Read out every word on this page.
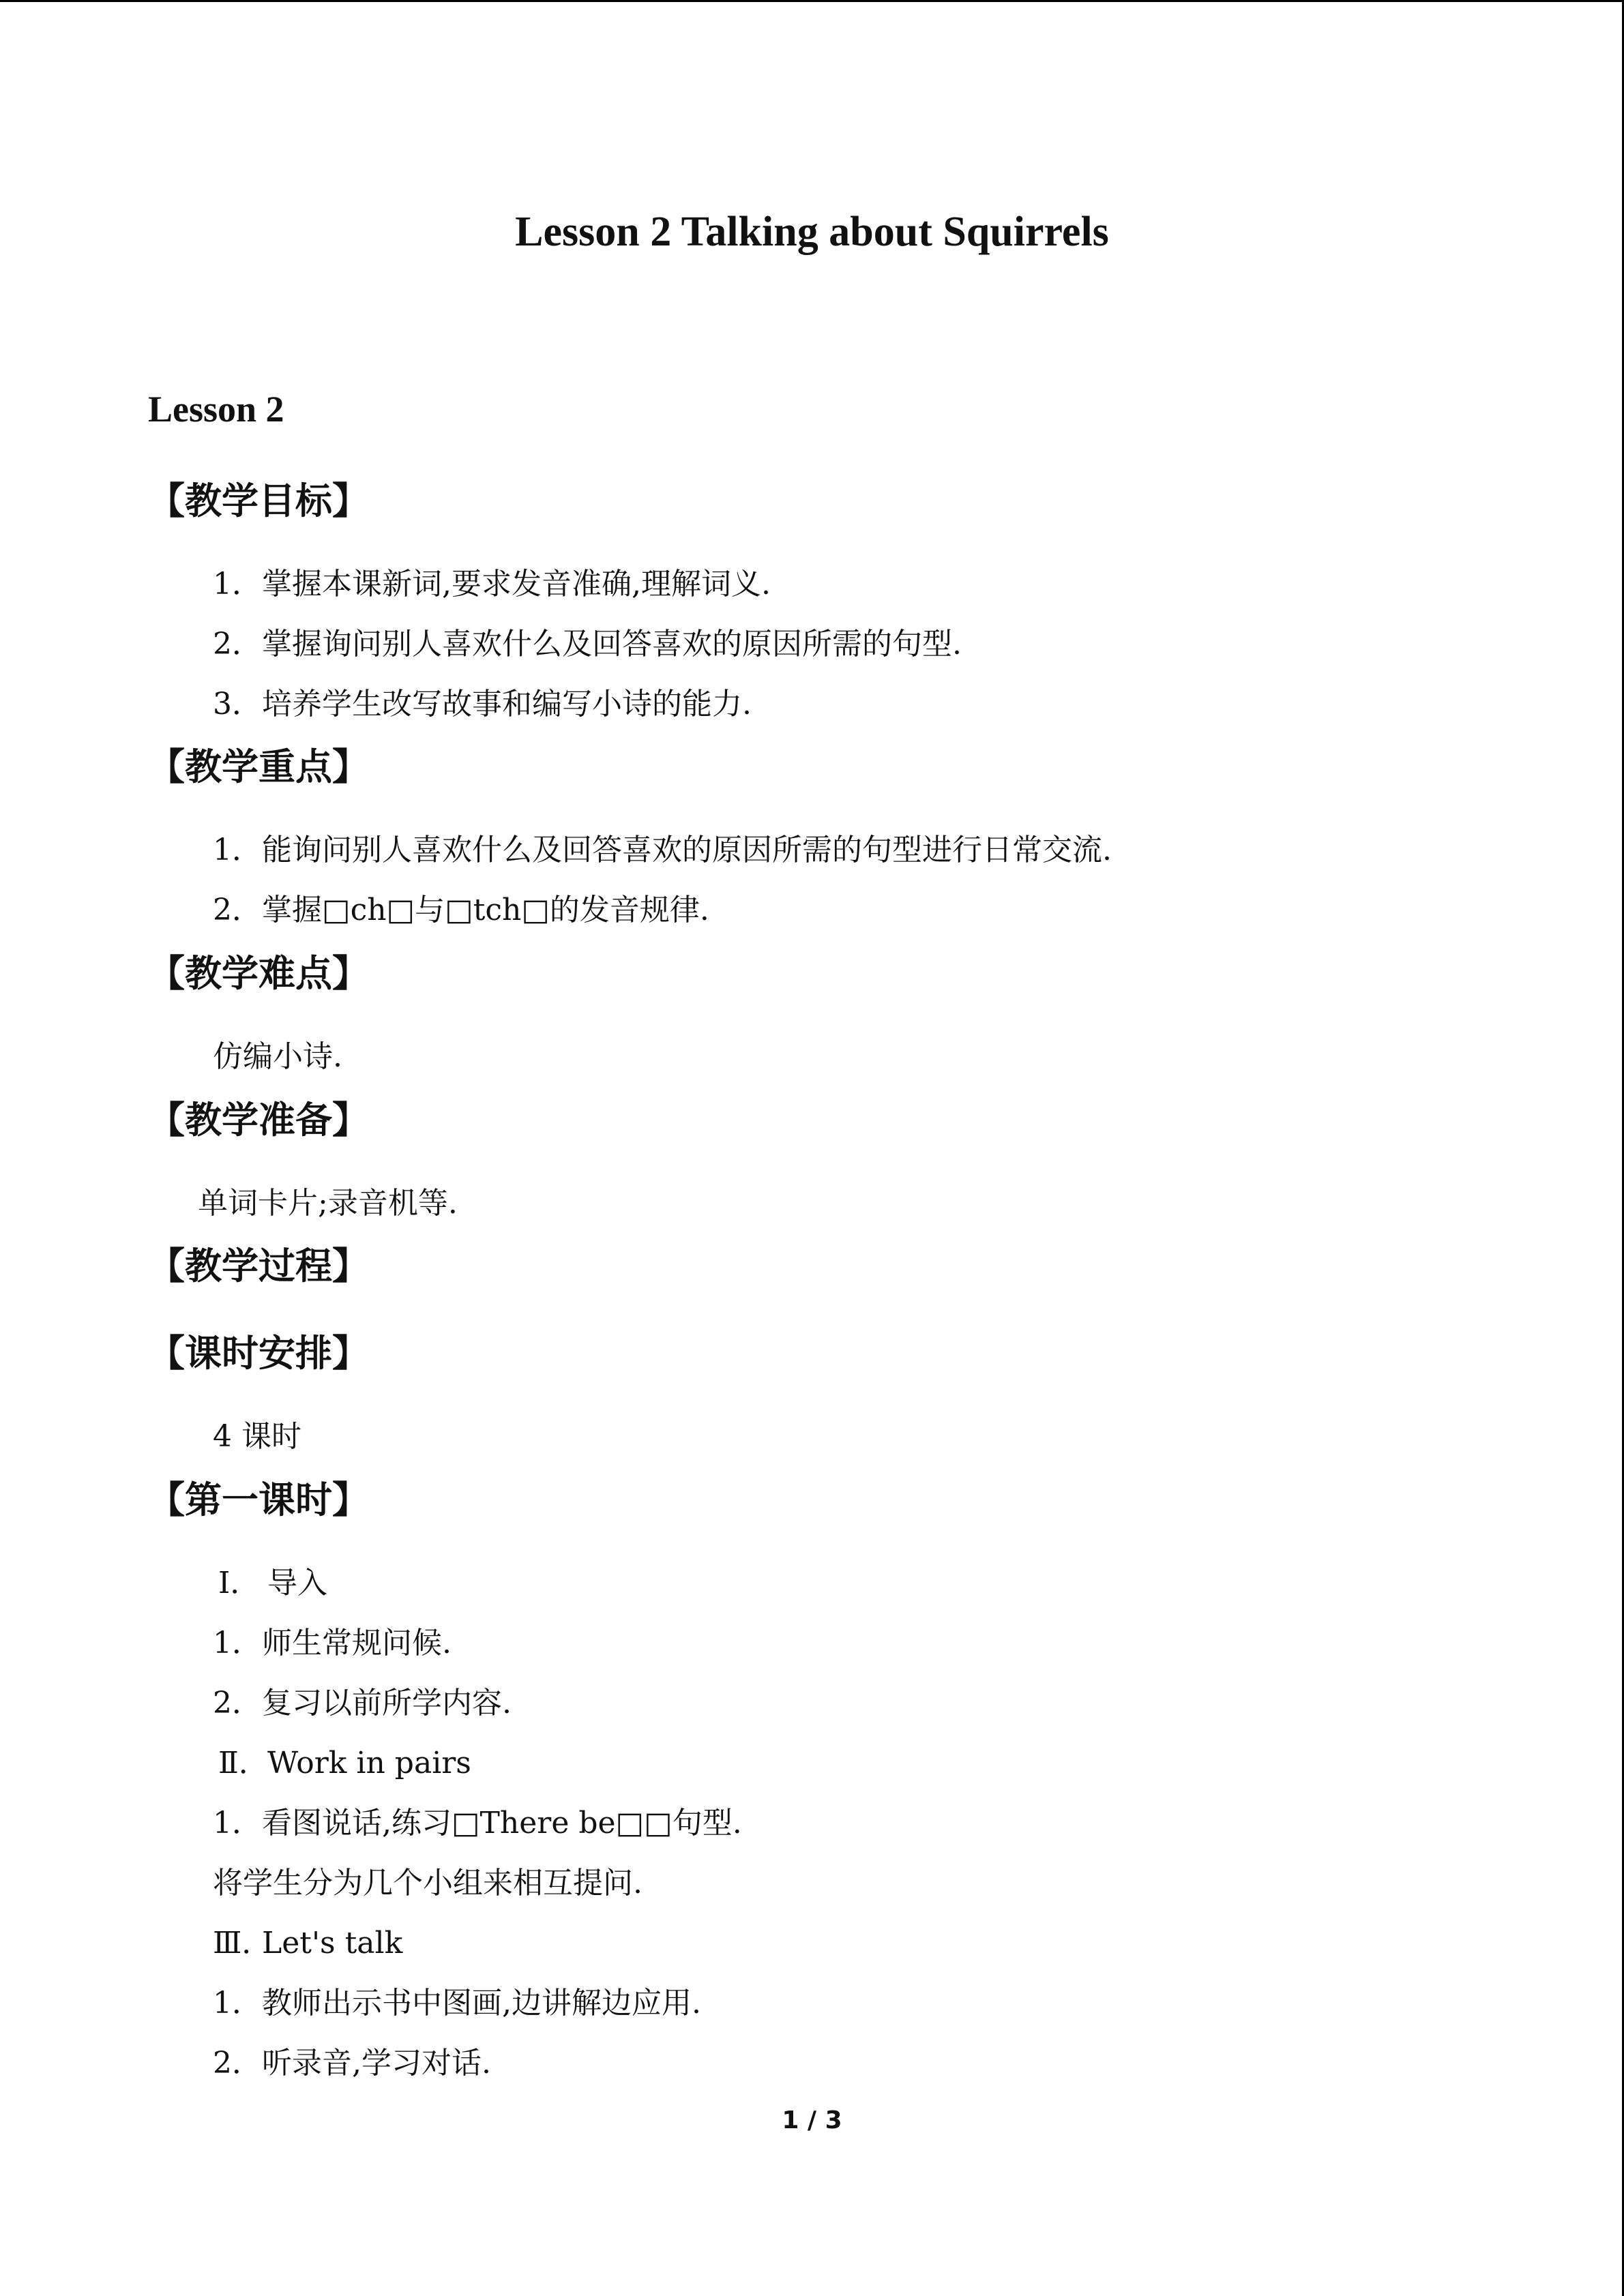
Lesson 2 Talking about Squirrels
Lesson 2
【教学目标】
1．掌握本课新词,要求发音准确,理解词义.
2．掌握询问别人喜欢什么及回答喜欢的原因所需的句型.
3．培养学生改写故事和编写小诗的能力.
【教学重点】
1．能询问别人喜欢什么及回答喜欢的原因所需的句型进行日常交流.
2．掌握□ch□与□tch□的发音规律.
【教学难点】
仿编小诗.
【教学准备】
单词卡片;录音机等.
【教学过程】
【课时安排】
4 课时
【第一课时】
Ⅰ． 导入
1．师生常规问候.
2．复习以前所学内容.
Ⅱ．Work in pairs
1．看图说话,练习□There be□□句型.
将学生分为几个小组来相互提问.
Ⅲ．Let's talk
1．教师出示书中图画,边讲解边应用.
2．听录音,学习对话.
1 / 3
